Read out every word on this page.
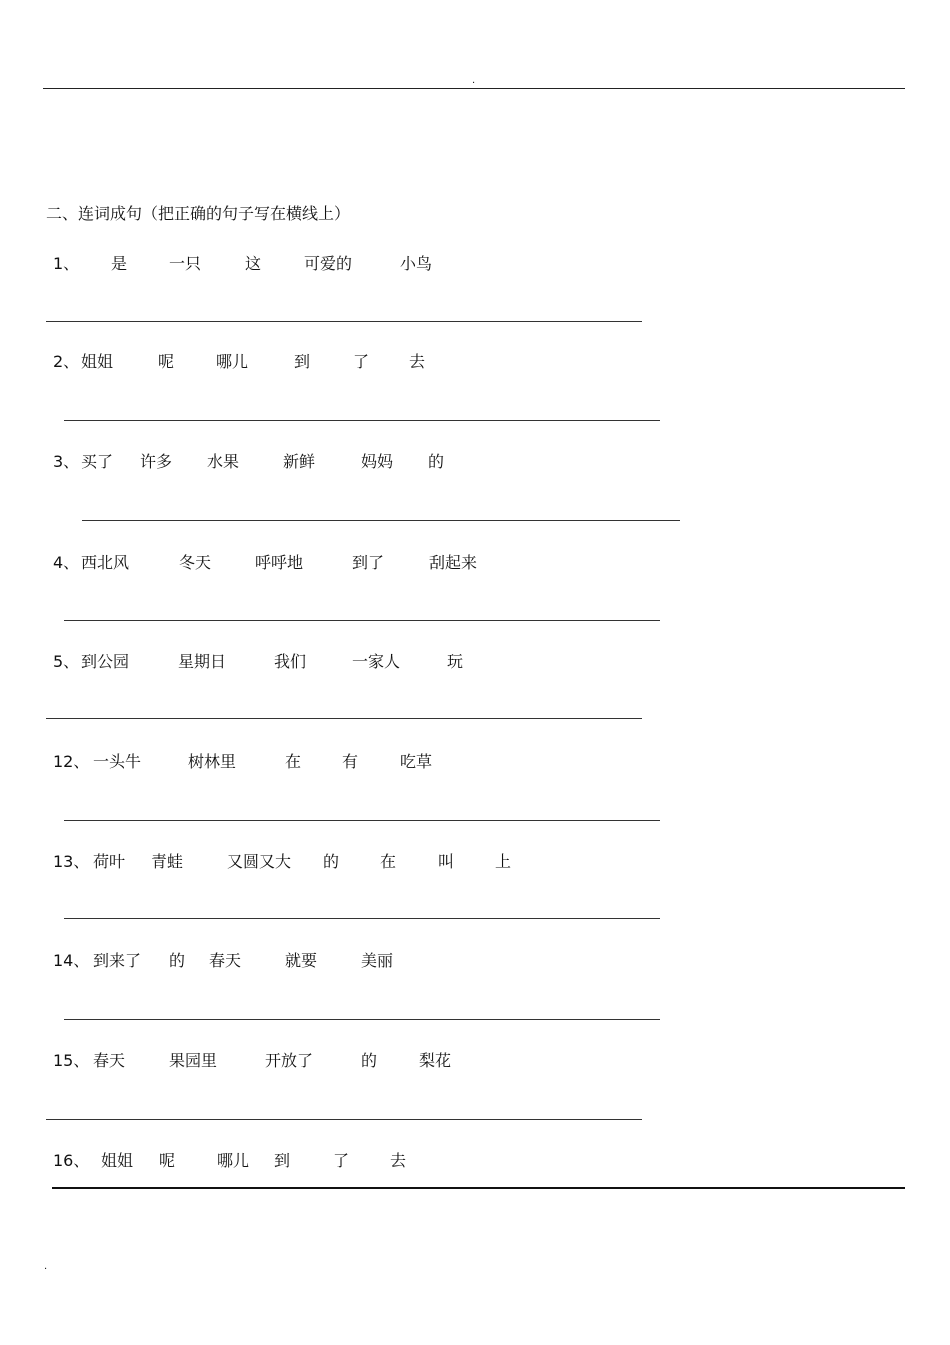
.
二、连词成句（把正确的句子写在横线上）
1、 是	一只	这	可爱的	小鸟
2、 姐姐	呢	哪儿	到	了 去
3、 买了 许多 水果	新鲜	妈妈 的
4、 西北风	冬天	呼呼地	到了	刮起来
5、 到公园	星期日	我们	一家人	玩
12、 一头牛	树林里	在	有	吃草
13、 荷叶 青蛙	又圆又大 的	在	叫	上
14、 到来了 的 春天	就要	美丽
15、 春天	果园里	开放了	的	梨花
16、 姐姐 呢	哪儿 到	了	去
.
